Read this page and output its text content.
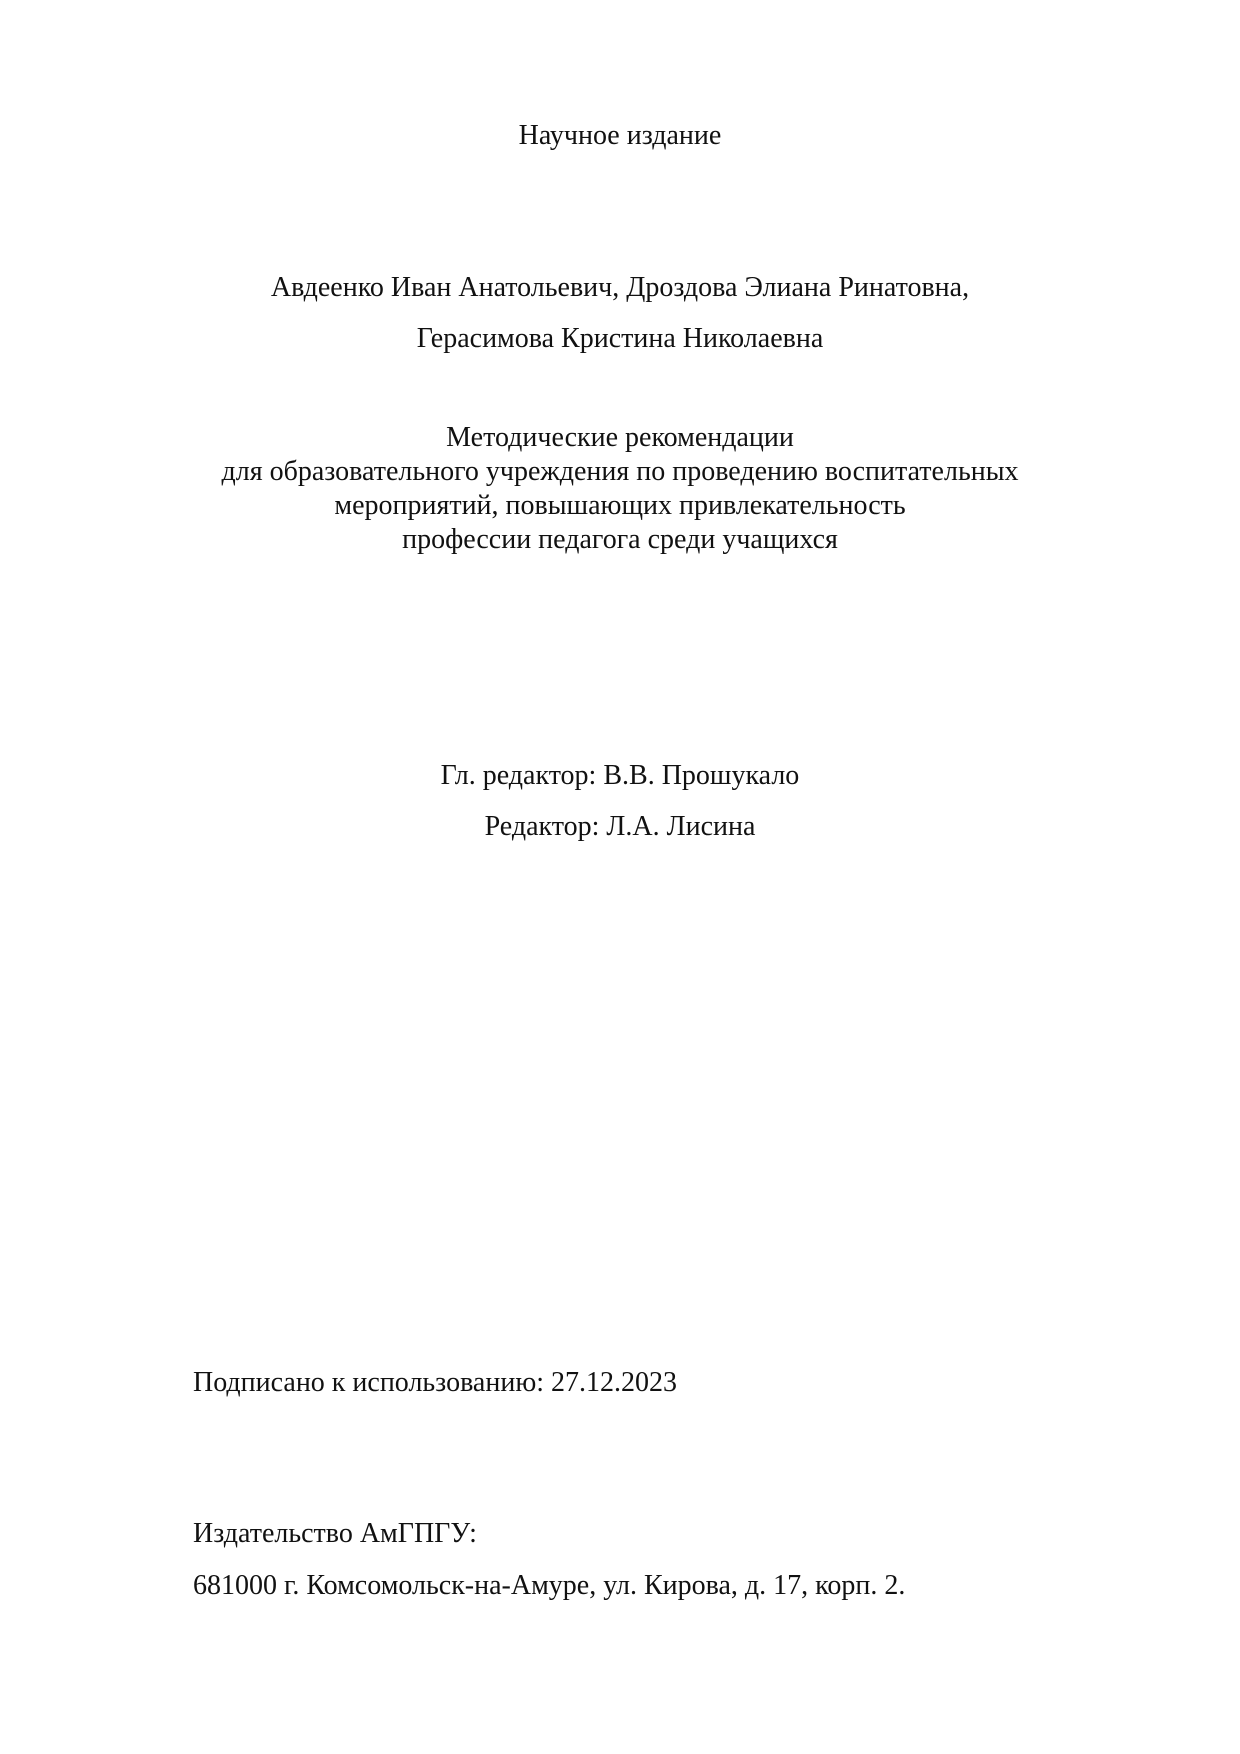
Научное издание
Авдеенко Иван Анатольевич, Дроздова Элиана Ринатовна,
Герасимова Кристина Николаевна
Методические рекомендации
для образовательного учреждения по проведению воспитательных
мероприятий, повышающих привлекательность
профессии педагога среди учащихся
Гл. редактор: В.В. Прошукало
Редактор: Л.А. Лисина
Подписано к использованию: 27.12.2023
Издательство АмГПГУ:
681000 г. Комсомольск-на-Амуре, ул. Кирова, д. 17, корп. 2.
